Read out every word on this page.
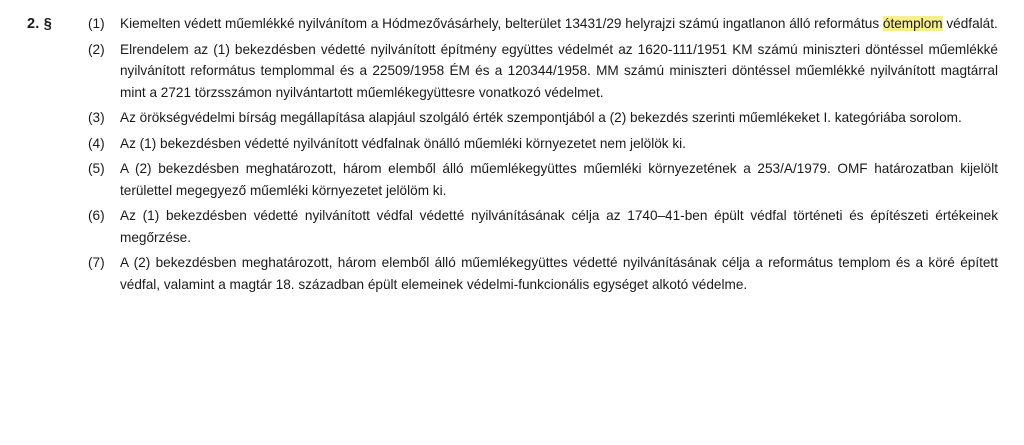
2. §	(1)	Kiemelten védett műemlékké nyilvánítom a Hódmezővásárhely, belterület 13431/29 helyrajzi számú ingatlanon álló református ótemplom védfalát.
(2)	Elrendelem az (1) bekezdésben védetté nyilvánított építmény együttes védelmét az 1620-111/1951 KM számú miniszteri döntéssel műemlékké nyilvánított református templommal és a 22509/1958 ÉM és a 120344/1958. MM számú miniszteri döntéssel műemlékké nyilvánított magtárral mint a 2721 törzsszámon nyilvántartott műemlékegyüttesre vonatkozó védelmet.
(3)	Az örökségvédelmi bírság megállapítása alapjául szolgáló érték szempontjából a (2) bekezdés szerinti műemlékeket I. kategóriába sorolom.
(4)	Az (1) bekezdésben védetté nyilvánított védfalnak önálló műemléki környezetet nem jelölök ki.
(5)	A (2) bekezdésben meghatározott, három elemből álló műemlékegyüttes műemléki környezetének a 253/A/1979. OMF határozatban kijelölt területtel megegyező műemléki környezetet jelölöm ki.
(6)	Az (1) bekezdésben védetté nyilvánított védfal védetté nyilvánításának célja az 1740–41-ben épült védfal történeti és építészeti értékeinek megőrzése.
(7)	A (2) bekezdésben meghatározott, három elemből álló műemlékegyüttes védetté nyilvánításának célja a református templom és a köré épített védfal, valamint a magtár 18. században épült elemeinek védelmi-funkcionális egységet alkotó védelme.
